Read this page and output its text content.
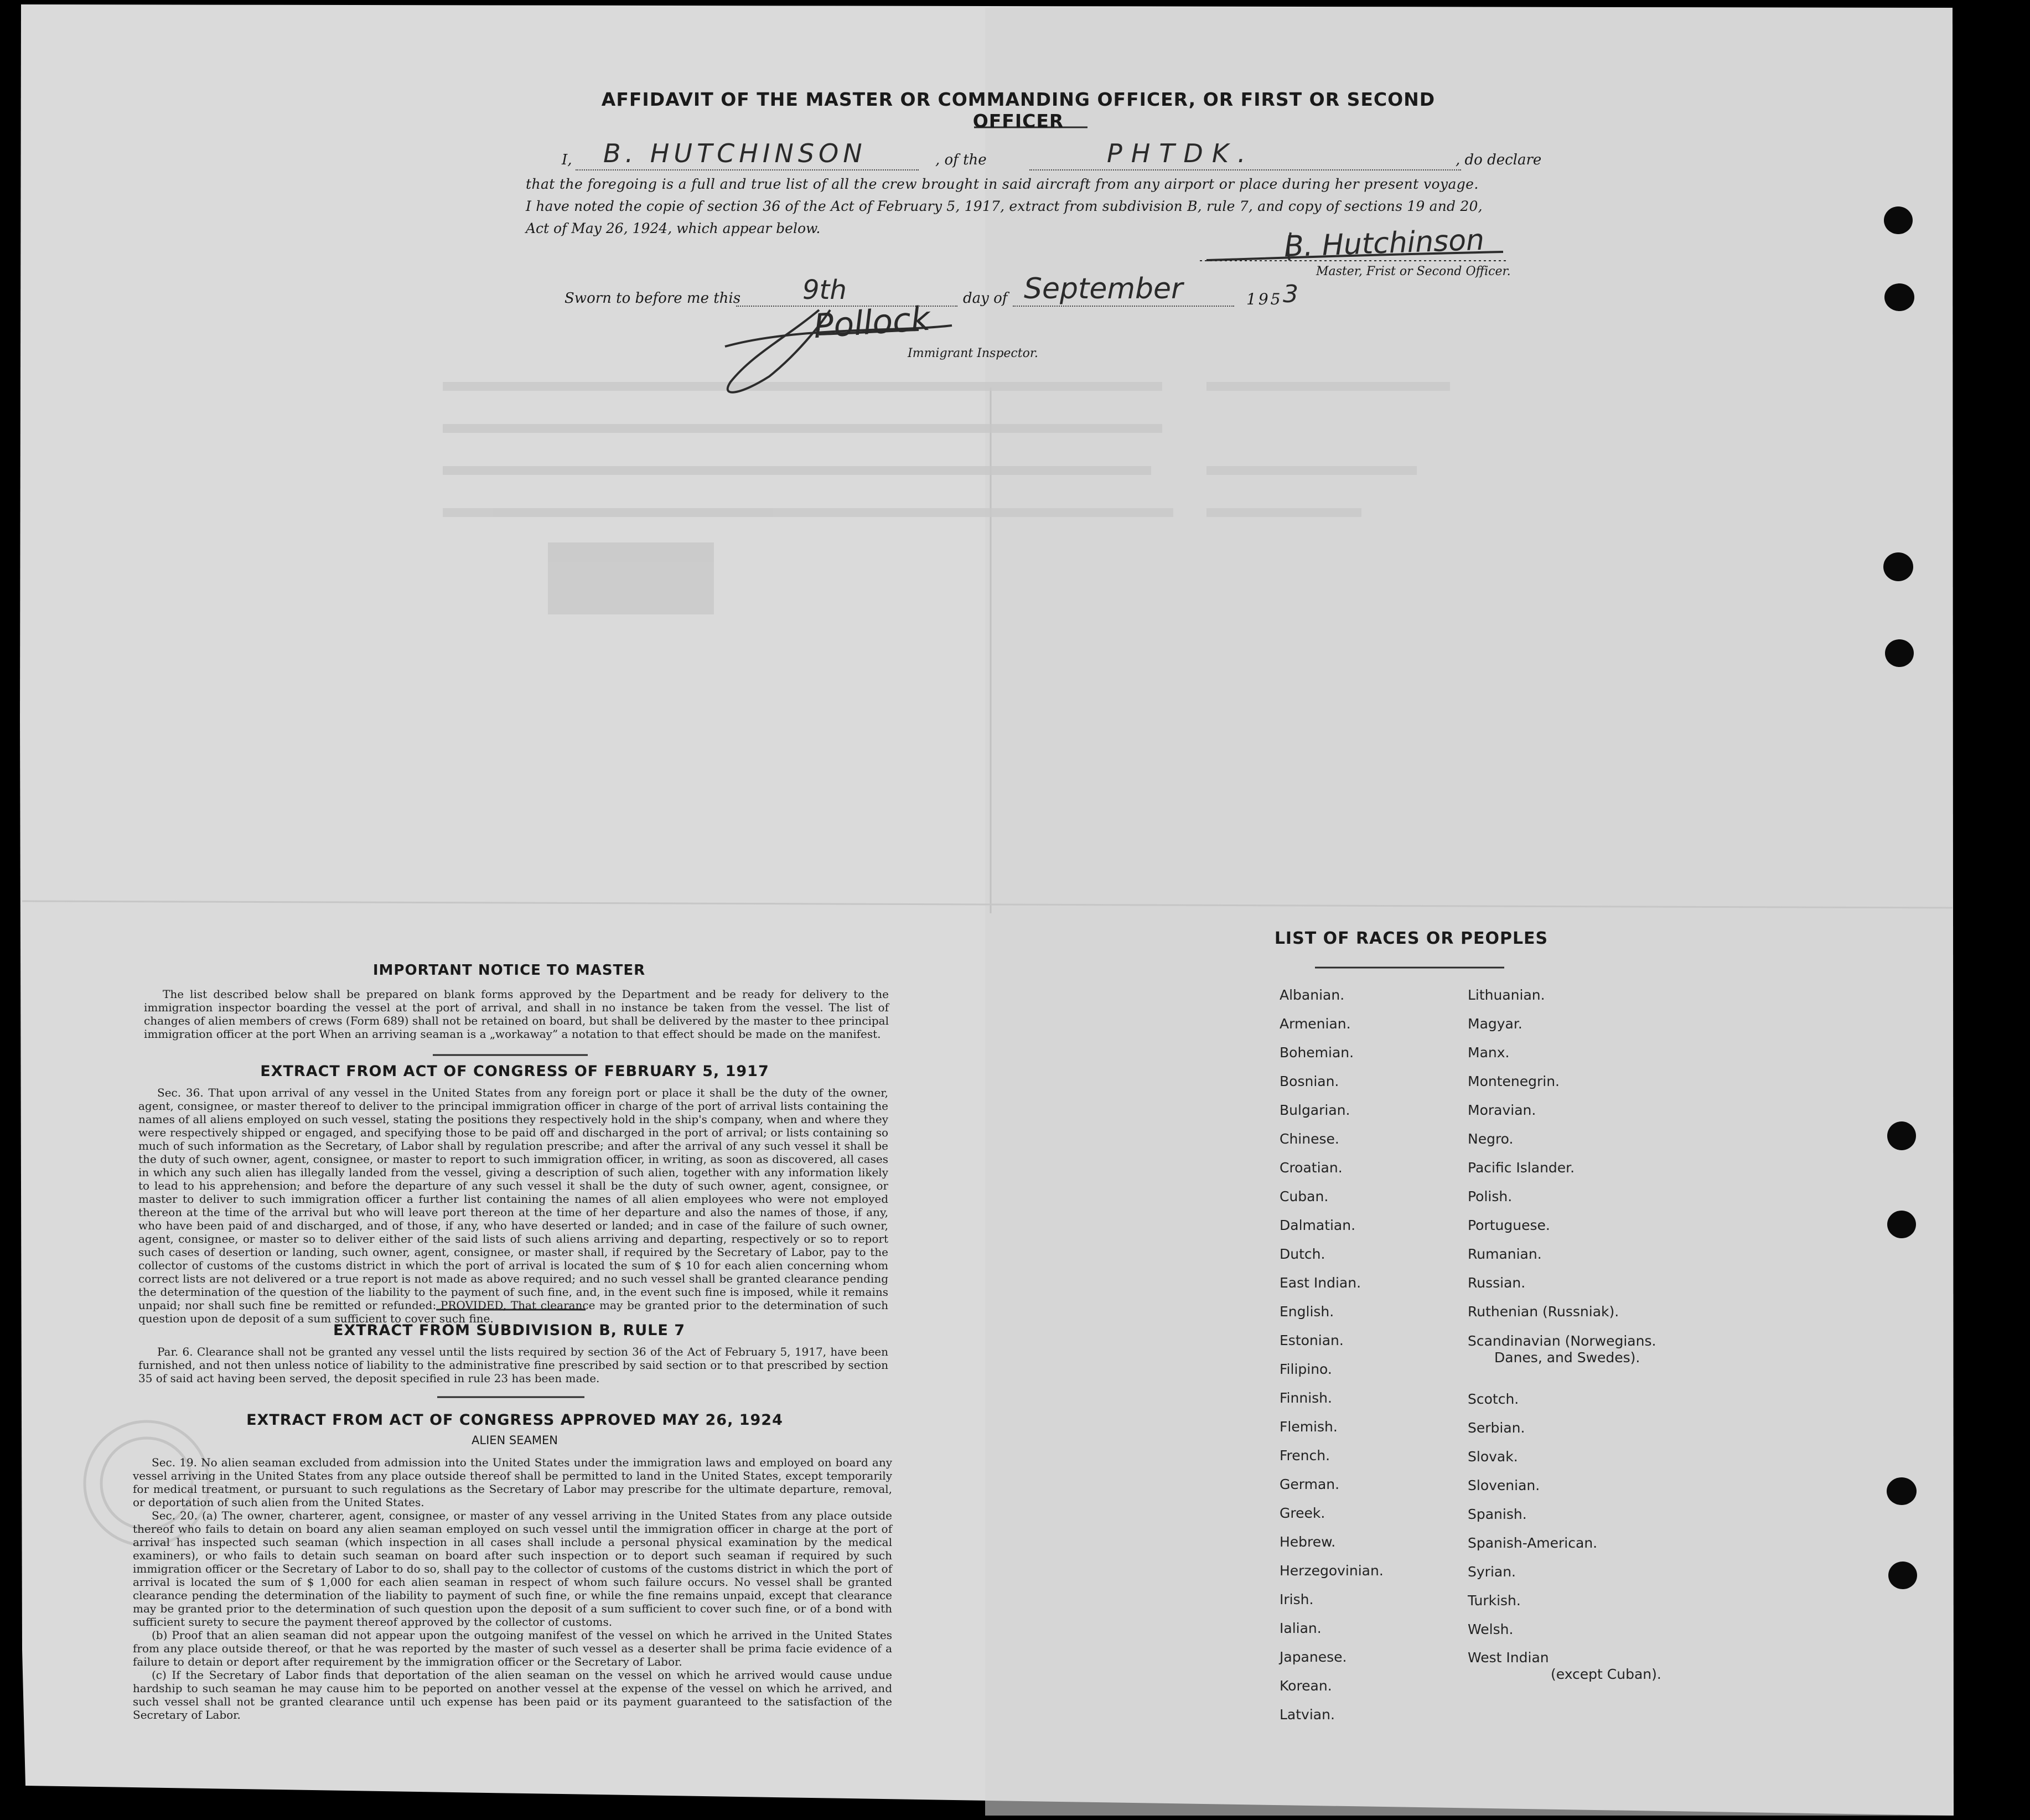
AFFIDAVIT OF THE MASTER OR COMMANDING OFFICER, OR FIRST OR SECOND OFFICER
I, B. HUTCHINSON	, of the	PHTDK.	, do declare
that the foregoing is a full and true list of all the crew brought in said aircraft from any airport or place during her present voyage.
I have noted the copie of section 36 of the Act of February 5, 1917, extract from subdivision B, rule 7, and copy of sections 19 and 20,
Act of May 26, 1924, which appear below.	B. Hutchinson
Master, Frist or Second Officer.
Sworn to before me this 9th	day of September	195 3
Pollock
Immigrant Inspector.
IMPORTANT NOTICE TO MASTER

The list described below shall be prepared on blank forms approved by the Department and be ready for delivery to the immigration inspector boarding the vessel at the port of arrival, and shall in no instance be taken from the vessel. The list of changes of alien members of crews (Form 689) shall not be retained on board, but shall be delivered by the master to thee principal immigration officer at the port When an arriving seaman is a „workaway” a notation to that effect should be made on the manifest.

EXTRACT FROM ACT OF CONGRESS OF FEBRUARY 5, 1917

Sec. 36. That upon arrival of any vessel in the United States from any foreign port or place it shall be the duty of the owner, agent, consignee, or master thereof to deliver to the principal immigration officer in charge of the port of arrival lists containing the names of all aliens employed on such vessel, stating the positions they respectively hold in the ship's company, when and where they were respectively shipped or engaged, and specifying those to be paid off and discharged in the port of arrival; or lists containing so much of such information as the Secretary, of Labor shall by regulation prescribe; and after the arrival of any such vessel it shall be the duty of such owner, agent, consignee, or master to report to such immigration officer, in writing, as soon as discovered, all cases in which any such alien has illegally landed from the vessel, giving a description of such alien, together with any information likely to lead to his apprehension; and before the departure of any such vessel it shall be the duty of such owner, agent, consignee, or master to deliver to such immigration officer a further list containing the names of all alien employees who were not employed thereon at the time of the arrival but who will leave port thereon at the time of her departure and also the names of those, if any, who have been paid of and discharged, and of those, if any, who have deserted or landed; and in case of the failure of such owner, agent, consignee, or master so to deliver either of the said lists of such aliens arriving and departing, respectively or so to report such cases of desertion or landing, such owner, agent, consignee, or master shall, if required by the Secretary of Labor, pay to the collector of customs of the customs district in which the port of arrival is located the sum of $ 10 for each alien concerning whom correct lists are not delivered or a true report is not made as above required; and no such vessel shall be granted clearance pending the determination of the question of the liability to the payment of such fine, and, in the event such fine is imposed, while it remains unpaid; nor shall such fine be remitted or refunded: PROVIDED, That clearance may be granted prior to the determination of such question upon de deposit of a sum sufficient to cover such fine.

EXTRACT FROM SUBDIVISION B, RULE 7

Par. 6. Clearance shall not be granted any vessel until the lists required by section 36 of the Act of February 5, 1917, have been furnished, and not then unless notice of liability to the administrative fine prescribed by said section or to that prescribed by section 35 of said act having been served, the deposit specified in rule 23 has been made.

EXTRACT FROM ACT OF CONGRESS APPROVED MAY 26, 1924
ALIEN SEAMEN

Sec. 19. No alien seaman excluded from admission into the United States under the immigration laws and employed on board any vessel arriving in the United States from any place outside thereof shall be permitted to land in the United States, except temporarily for medical treatment, or pursuant to such regulations as the Secretary of Labor may prescribe for the ultimate departure, removal, or deportation of such alien from the United States.

Sec. 20. (a) The owner, charterer, agent, consignee, or master of any vessel arriving in the United States from any place outside thereof who fails to detain on board any alien seaman employed on such vessel until the immigration officer in charge at the port of arrival has inspected such seaman (which inspection in all cases shall include a personal physical examination by the medical examiners), or who fails to detain such seaman on board after such inspection or to deport such seaman if required by such immigration officer or the Secretary of Labor to do so, shall pay to the collector of customs of the customs district in which the port of arrival is located the sum of $ 1,000 for each alien seaman in respect of whom such failure occurs. No vessel shall be granted clearance pending the determination of the liability to payment of such fine, or while the fine remains unpaid, except that clearance may be granted prior to the determination of such question upon the deposit of a sum sufficient to cover such fine, or of a bond with sufficient surety to secure the payment thereof approved by the collector of customs.

(b) Proof that an alien seaman did not appear upon the outgoing manifest of the vessel on which he arrived in the United States from any place outside thereof, or that he was reported by the master of such vessel as a deserter shall be prima facie evidence of a failure to detain or deport after requirement by the immigration officer or the Secretary of Labor.

(c) If the Secretary of Labor finds that deportation of the alien seaman on the vessel on which he arrived would cause undue hardship to such seaman he may cause him to be peported on another vessel at the expense of the vessel on which he arrived, and such vessel shall not be granted clearance until uch expense has been paid or its payment guaranteed to the satisfaction of the Secretary of Labor.

LIST OF RACES OR PEOPLES
Albanian.
Armenian.
Bohemian.
Bosnian.
Bulgarian.
Chinese.
Croatian.
Cuban.
Dalmatian.
Dutch.
East Indian.
English.
Estonian.
Filipino.
Finnish.
Flemish.
French.
German.
Greek.
Hebrew.
Herzegovinian.
Irish.
Ialian.
Japanese.
Korean.
Latvian.
Lithuanian.
Magyar.
Manx.
Montenegrin.
Moravian.
Negro.
Pacific Islander.
Polish.
Portuguese.
Rumanian.
Russian.
Ruthenian (Russniak).
Scandinavian (Norwegians.
Danes, and Swedes).
Scotch.
Serbian.
Slovak.
Slovenian.
Spanish.
Spanish-American.
Syrian.
Turkish.
Welsh.
West Indian
(except Cuban).
